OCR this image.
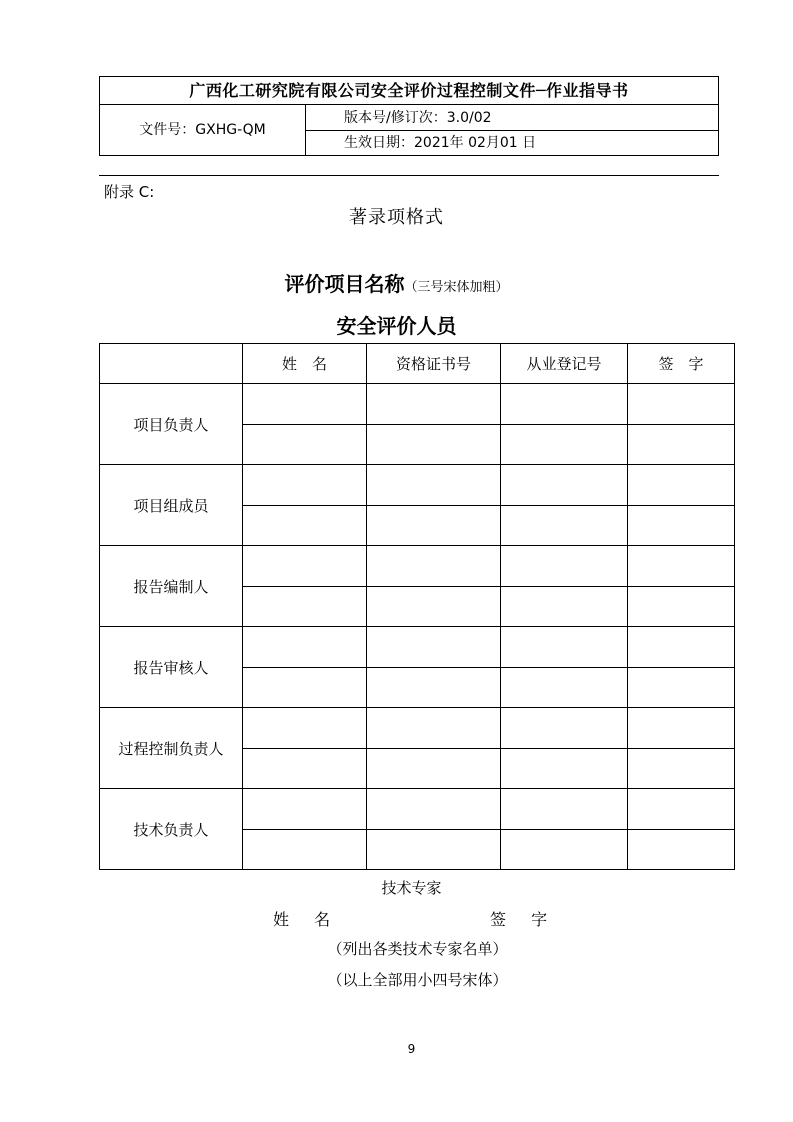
广西化工研究院有限公司安全评价过程控制文件─作业指导书
文件号：GXHG-QM
版本号/修订次：3.0/02
生效日期：2021年 02月01 日
附录 C:
著录项格式
评价项目名称（三号宋体加粗）
安全评价人员
	姓　名	资格证书号	从业登记号	签　字
项目负责人				

项目组成员				

报告编制人				

报告审核人				

过程控制负责人				

技术负责人				

技术专家
姓 名	签 字
（列出各类技术专家名单）
（以上全部用小四号宋体）
9
